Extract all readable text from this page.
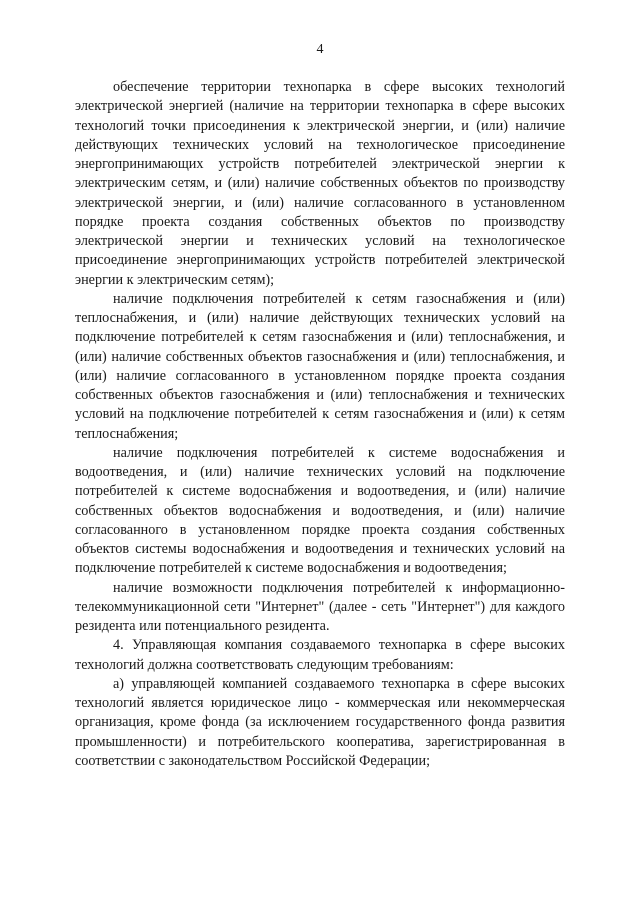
4

обеспечение территории технопарка в сфере высоких технологий электрической энергией (наличие на территории технопарка в сфере высоких технологий точки присоединения к электрической энергии, и (или) наличие действующих технических условий на технологическое присоединение энергопринимающих устройств потребителей электрической энергии к электрическим сетям, и (или) наличие собственных объектов по производству электрической энергии, и (или) наличие согласованного в установленном порядке проекта создания собственных объектов по производству электрической энергии и технических условий на технологическое присоединение энергопринимающих устройств потребителей электрической энергии к электрическим сетям);

наличие подключения потребителей к сетям газоснабжения и (или) теплоснабжения, и (или) наличие действующих технических условий на подключение потребителей к сетям газоснабжения и (или) теплоснабжения, и (или) наличие собственных объектов газоснабжения и (или) теплоснабжения, и (или) наличие согласованного в установленном порядке проекта создания собственных объектов газоснабжения и (или) теплоснабжения и технических условий на подключение потребителей к сетям газоснабжения и (или) к сетям теплоснабжения;

наличие подключения потребителей к системе водоснабжения и водоотведения, и (или) наличие технических условий на подключение потребителей к системе водоснабжения и водоотведения, и (или) наличие собственных объектов водоснабжения и водоотведения, и (или) наличие согласованного в установленном порядке проекта создания собственных объектов системы водоснабжения и водоотведения и технических условий на подключение потребителей к системе водоснабжения и водоотведения;

наличие возможности подключения потребителей к информационно-телекоммуникационной сети "Интернет" (далее - сеть "Интернет") для каждого резидента или потенциального резидента.

4. Управляющая компания создаваемого технопарка в сфере высоких технологий должна соответствовать следующим требованиям:

а) управляющей компанией создаваемого технопарка в сфере высоких технологий является юридическое лицо - коммерческая или некоммерческая организация, кроме фонда (за исключением государственного фонда развития промышленности) и потребительского кооператива, зарегистрированная в соответствии с законодательством Российской Федерации;
